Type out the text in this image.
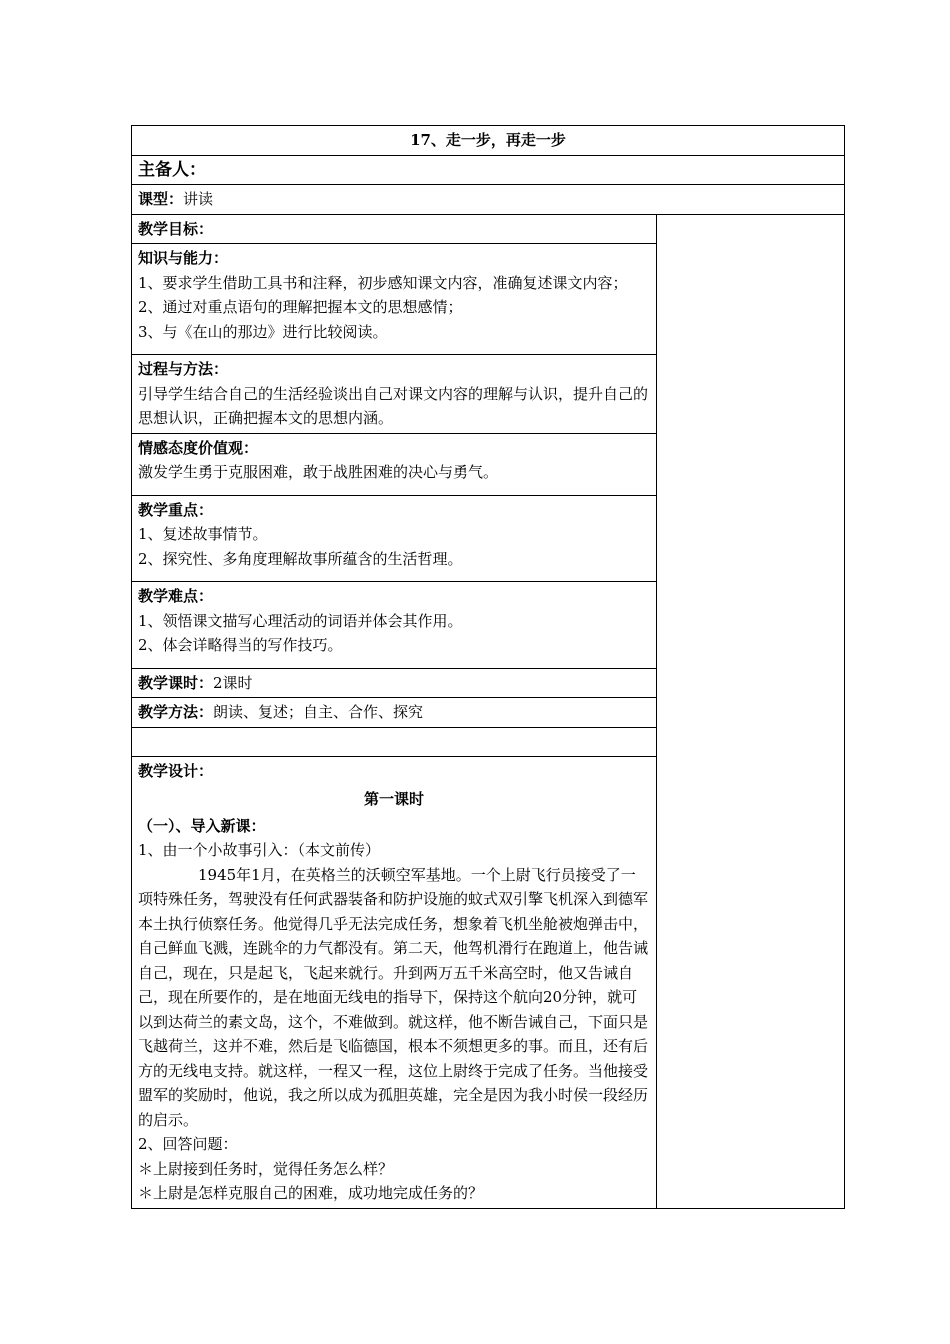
17、走一步，再走一步
主备人：
课型：讲读
教学目标：	

知识与能力：
1、要求学生借助工具书和注释，初步感知课文内容，准确复述课文内容；
2、通过对重点语句的理解把握本文的思想感情；
3、与《在山的那边》进行比较阅读。

过程与方法：
引导学生结合自己的生活经验谈出自己对课文内容的理解与认识，提升自己的思想认识，正确把握本文的思想内涵。

情感态度价值观：
激发学生勇于克服困难，敢于战胜困难的决心与勇气。

教学重点：
1、复述故事情节。
2、探究性、多角度理解故事所蕴含的生活哲理。

教学难点：
1、领悟课文描写心理活动的词语并体会其作用。
2、体会详略得当的写作技巧。

教学课时：2课时
教学方法：朗读、复述；自主、合作、探究

教学设计：
第一课时
（一）、导入新课：
1、由一个小故事引入：（本文前传）
1945年1月，在英格兰的沃顿空军基地。一个上尉飞行员接受了一项特殊任务，驾驶没有任何武器装备和防护设施的蚊式双引擎飞机深入到德军本土执行侦察任务。他觉得几乎无法完成任务，想象着飞机坐舱被炮弹击中，自己鲜血飞溅，连跳伞的力气都没有。第二天，他驾机滑行在跑道上，他告诫自己，现在，只是起飞，飞起来就行。升到两万五千米高空时，他又告诫自己，现在所要作的，是在地面无线电的指导下，保持这个航向20分钟，就可以到达荷兰的素文岛，这个，不难做到。就这样，他不断告诫自己，下面只是飞越荷兰，这并不难，然后是飞临德国，根本不须想更多的事。而且，还有后方的无线电支持。就这样，一程又一程，这位上尉终于完成了任务。当他接受盟军的奖励时，他说，我之所以成为孤胆英雄，完全是因为我小时侯一段经历的启示。
2、回答问题：
＊上尉接到任务时，觉得任务怎么样？
＊上尉是怎样克服自己的困难，成功地完成任务的？
